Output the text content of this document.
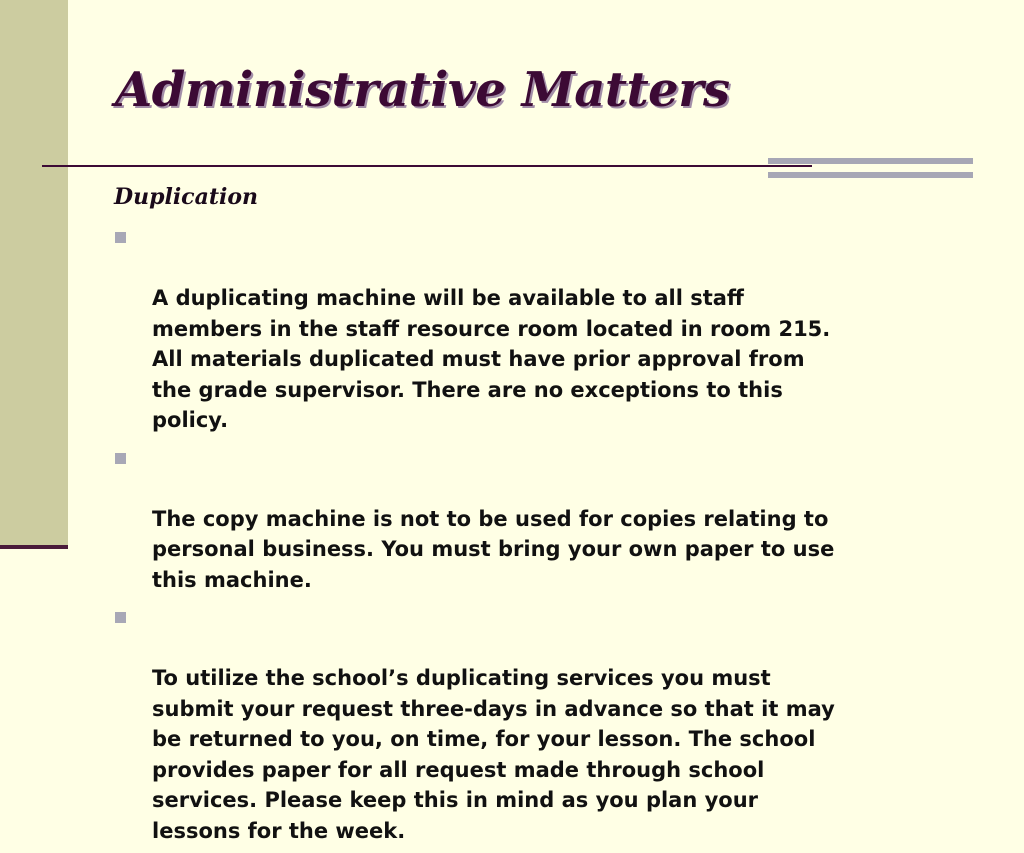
Administrative Matters
Duplication

A duplicating machine will be available to all staff
members in the staff resource room located in room 215.
All materials duplicated must have prior approval from
the grade supervisor. There are no exceptions to this
policy.

The copy machine is not to be used for copies relating to
personal business. You must bring your own paper to use
this machine.

To utilize the school’s duplicating services you must
submit your request three-days in advance so that it may
be returned to you, on time, for your lesson. The school
provides paper for all request made through school
services. Please keep this in mind as you plan your
lessons for the week.
